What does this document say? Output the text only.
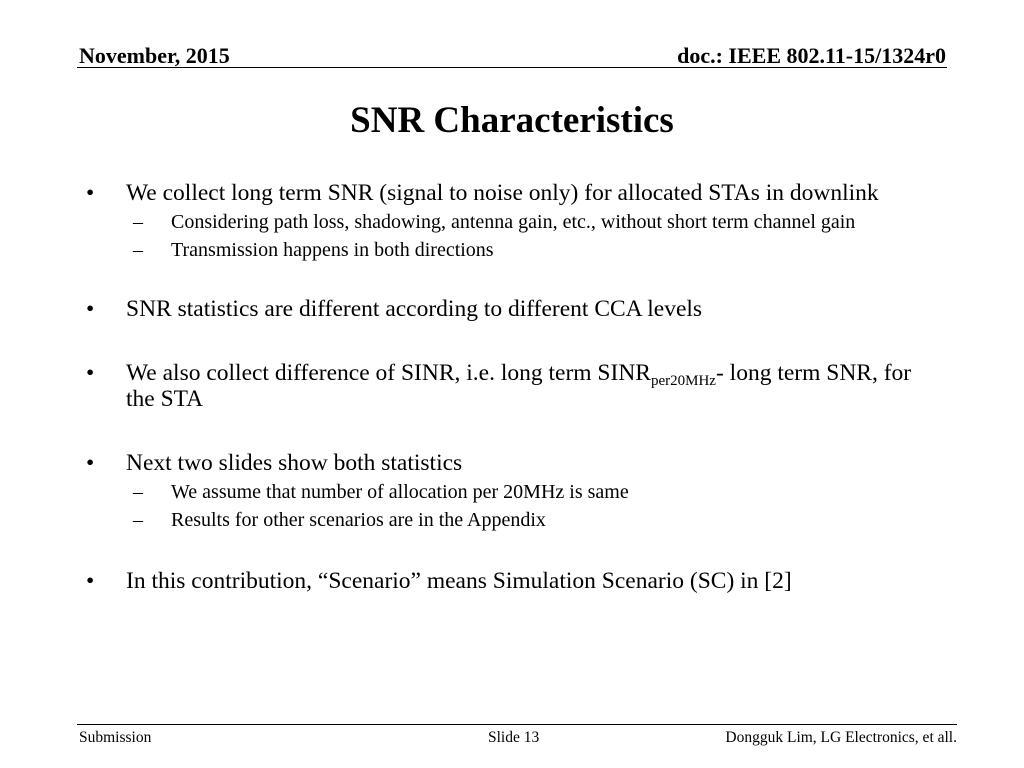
November, 2015	doc.: IEEE 802.11-15/1324r0
SNR Characteristics
• We collect long term SNR (signal to noise only) for allocated STAs in downlink
– Considering path loss, shadowing, antenna gain, etc., without short term channel gain
– Transmission happens in both directions
• SNR statistics are different according to different CCA levels
• We also collect difference of SINR, i.e. long term $SINR_{per20MHz}-$ long term SNR, for the STA
• Next two slides show both statistics
– We assume that number of allocation per 20MHz is same
– Results for other scenarios are in the Appendix
• In this contribution, “Scenario” means Simulation Scenario (SC) in [2]
Submission	Slide 13	Dongguk Lim, LG Electronics, et all.
